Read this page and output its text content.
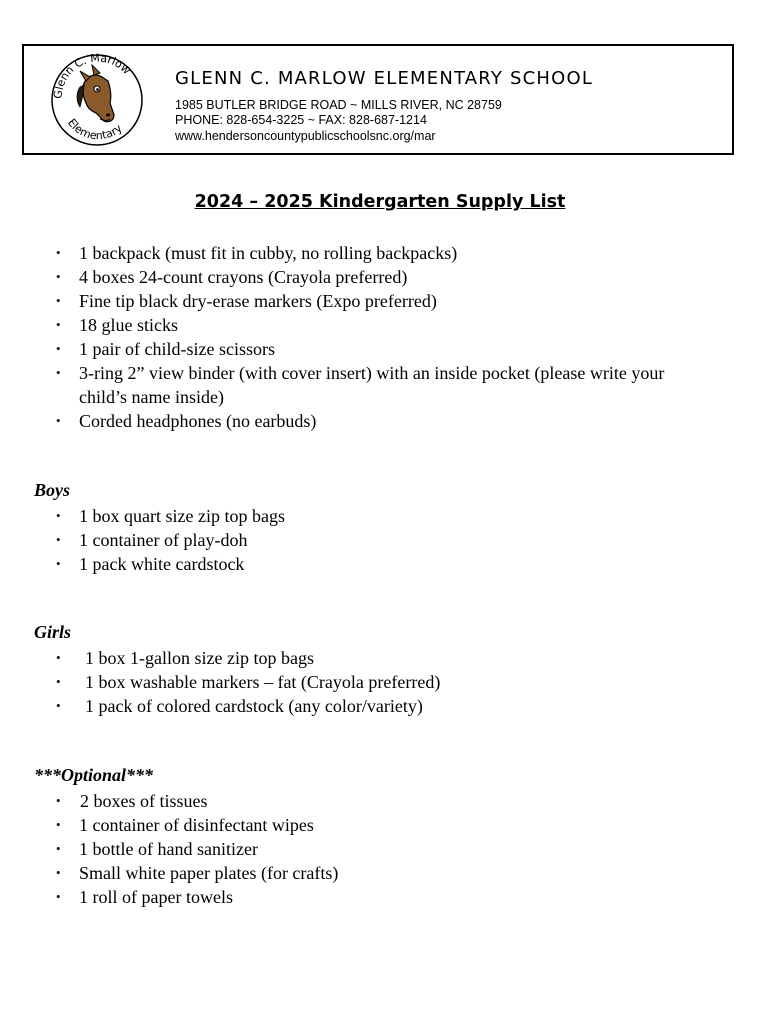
Glenn C. Marlow
Elementary
GLENN C. MARLOW ELEMENTARY SCHOOL
1985 BUTLER BRIDGE ROAD ~ MILLS RIVER, NC 28759
PHONE: 828-654-3225 ~ FAX: 828-687-1214
www.hendersoncountypublicschoolsnc.org/mar
2024 – 2025 Kindergarten Supply List
• 1 backpack (must fit in cubby, no rolling backpacks)
• 4 boxes 24-count crayons (Crayola preferred)
• Fine tip black dry-erase markers (Expo preferred)
• 18 glue sticks
• 1 pair of child-size scissors
• 3-ring 2” view binder (with cover insert) with an inside pocket (please write your child’s name inside)
• Corded headphones (no earbuds)
Boys
• 1 box quart size zip top bags
• 1 container of play-doh
• 1 pack white cardstock
Girls
• 1 box 1-gallon size zip top bags
• 1 box washable markers – fat (Crayola preferred)
• 1 pack of colored cardstock (any color/variety)
***Optional***
• 2 boxes of tissues
• 1 container of disinfectant wipes
• 1 bottle of hand sanitizer
• Small white paper plates (for crafts)
• 1 roll of paper towels
